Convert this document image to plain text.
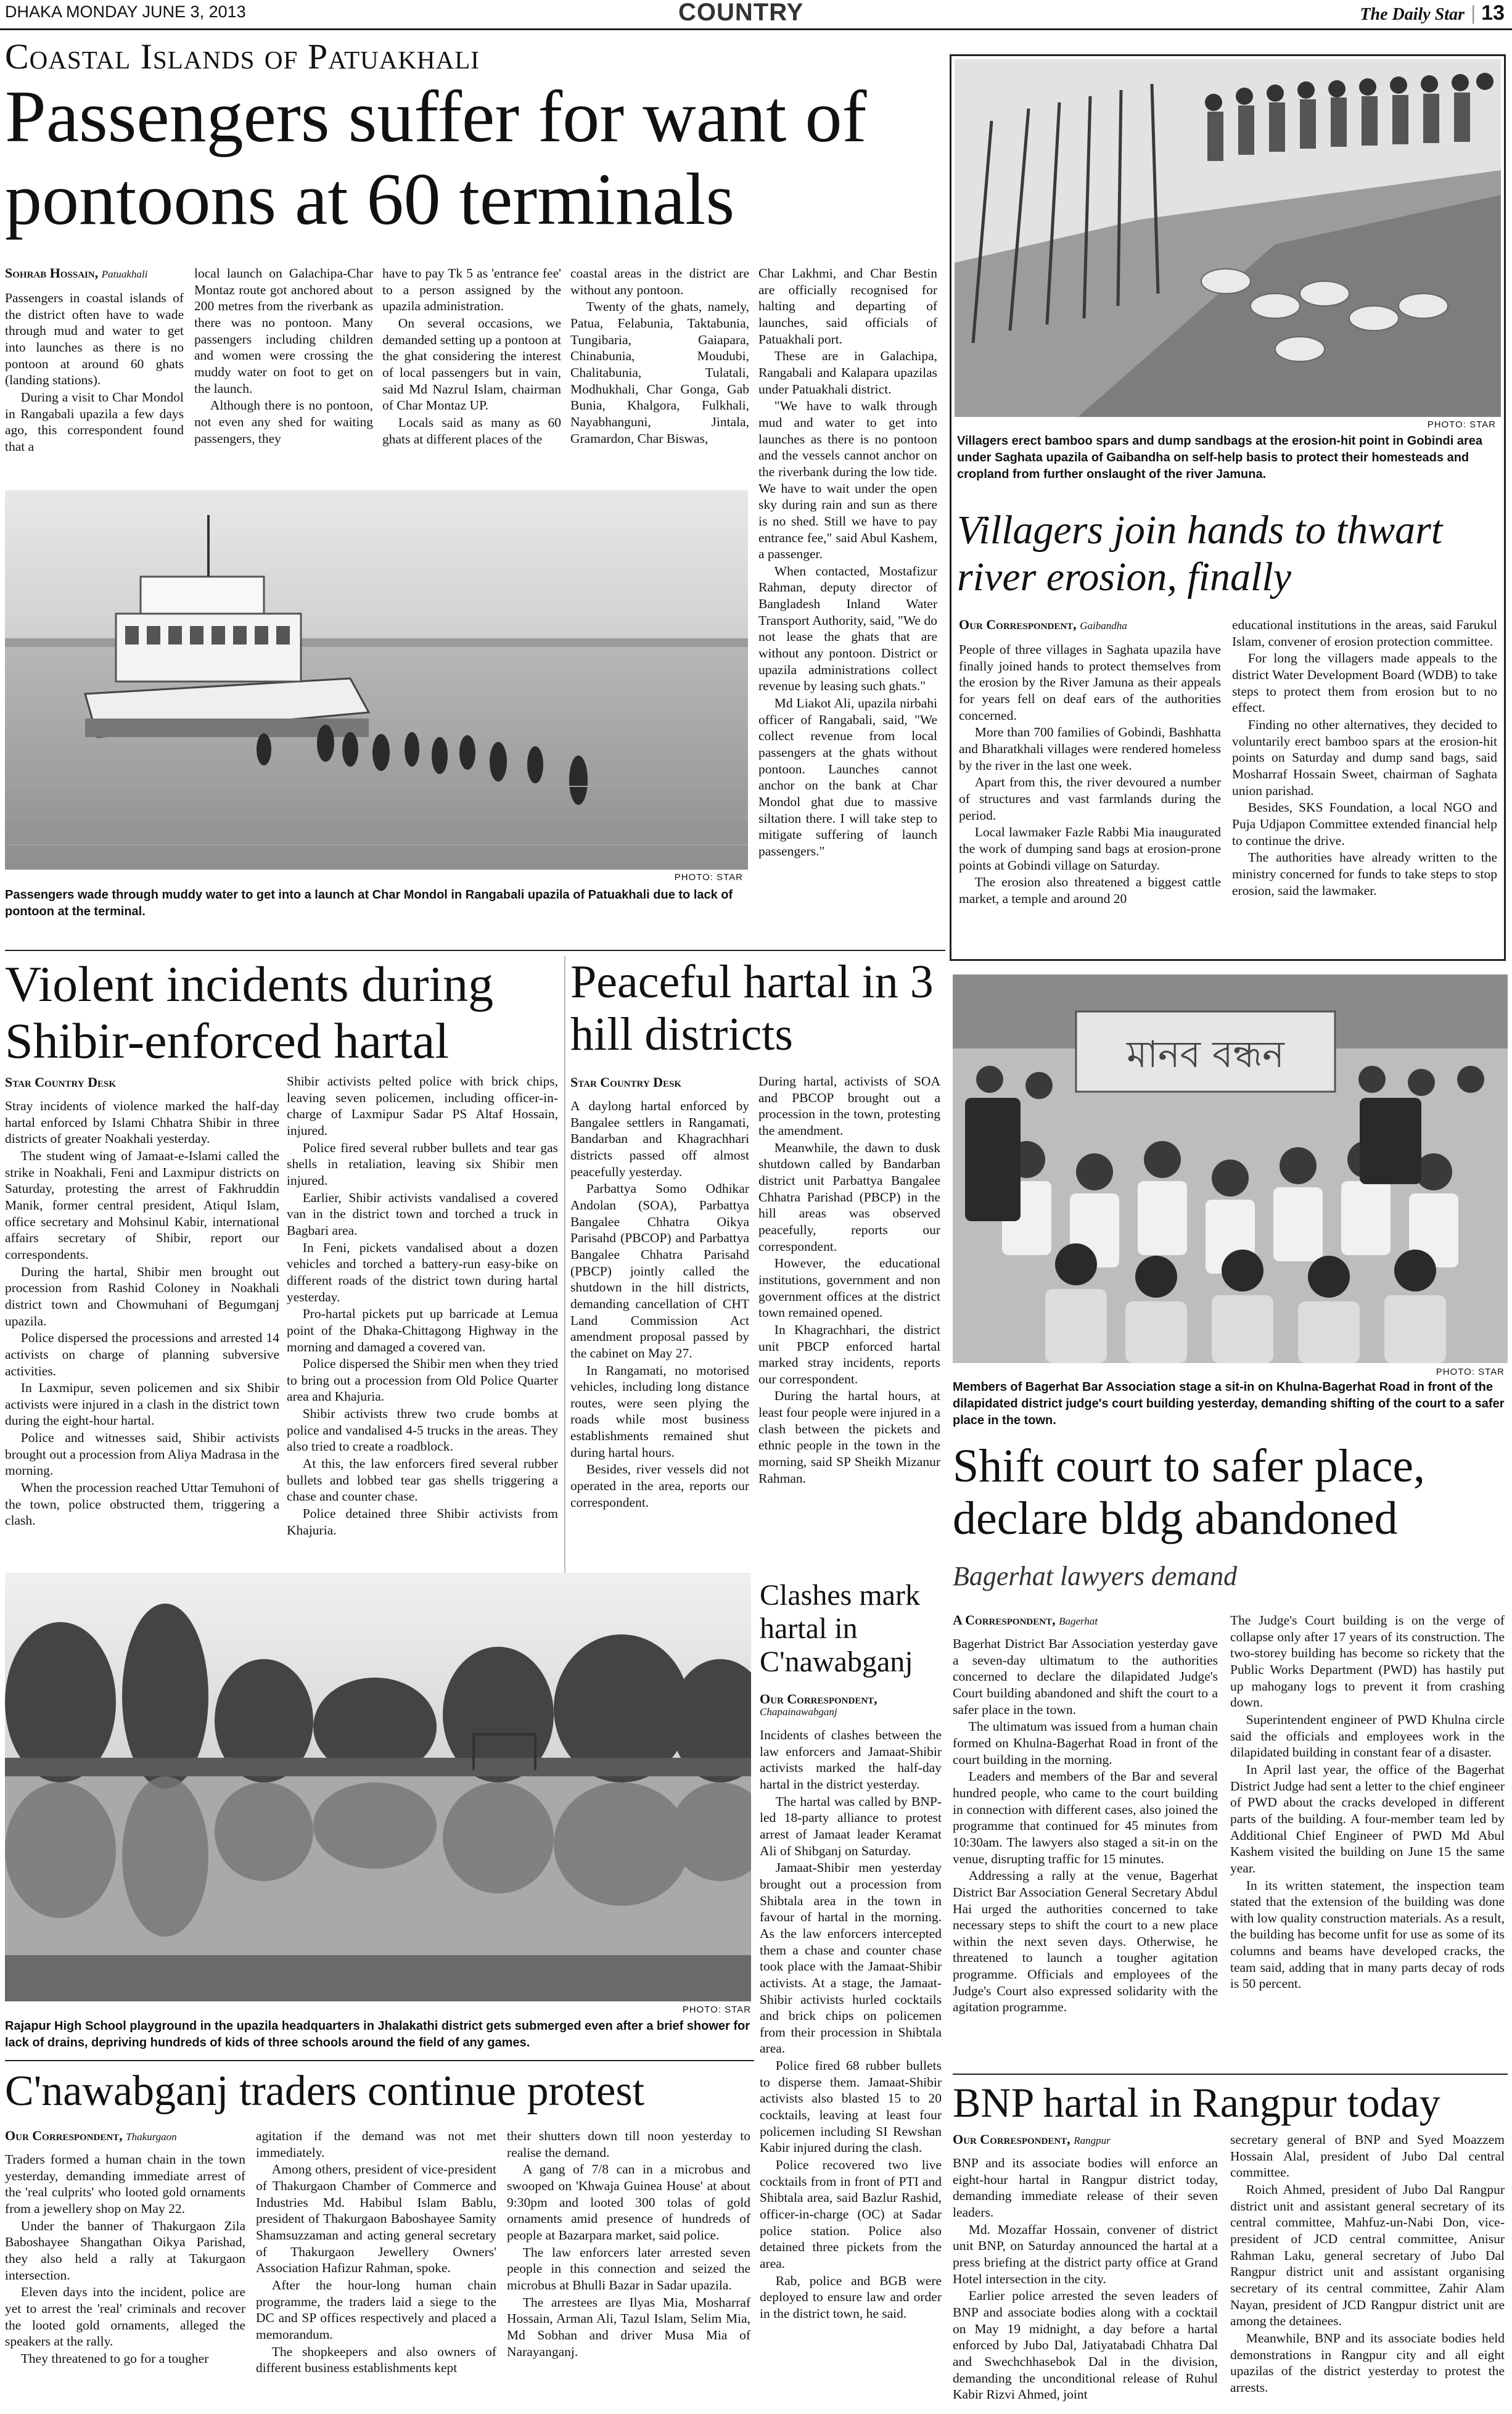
DHAKA MONDAY JUNE 3, 2013	COUNTRY	The Daily Star | 13
Coastal Islands of Patuakhali
Passengers suffer for want of pontoons at 60 terminals
Sohrab Hossain, Patuakhali

Passengers in coastal islands of the district often have to wade through mud and water to get into launches as there is no pontoon at around 60 ghats (landing stations).

During a visit to Char Mondol in Rangabali upazila a few days ago, this correspondent found that a

local launch on Galachipa-Char Montaz route got anchored about 200 metres from the riverbank as there was no pontoon. Many passengers including children and women were crossing the muddy water on foot to get on the launch.

Although there is no pontoon, not even any shed for waiting passengers, they

have to pay Tk 5 as 'entrance fee' to a person assigned by the upazila administration.

On several occasions, we demanded setting up a pontoon at the ghat considering the interest of local passengers but in vain, said Md Nazrul Islam, chairman of Char Montaz UP.

Locals said as many as 60 ghats at different places of the

coastal areas in the district are without any pontoon.

Twenty of the ghats, namely, Patua, Felabunia, Taktabunia, Tungibaria, Gaiapara, Chinabunia, Moudubi, Chalitabunia, Tulatali, Modhukhali, Char Gonga, Gab Bunia, Khalgora, Fulkhali, Nayabhanguni, Jintala, Gramardon, Char Biswas,

Char Lakhmi, and Char Bestin are officially recognised for halting and departing of launches, said officials of Patuakhali port.

These are in Galachipa, Rangabali and Kalapara upazilas under Patuakhali district.

"We have to walk through mud and water to get into launches as there is no pontoon and the vessels cannot anchor on the riverbank during the low tide. We have to wait under the open sky during rain and sun as there is no shed. Still we have to pay entrance fee," said Abul Kashem, a passenger.

When contacted, Mostafizur Rahman, deputy director of Bangladesh Inland Water Transport Authority, said, "We do not lease the ghats that are without any pontoon. District or upazila administrations collect revenue by leasing such ghats."

Md Liakot Ali, upazila nirbahi officer of Rangabali, said, "We collect revenue from local passengers at the ghats without pontoon. Launches cannot anchor on the bank at Char Mondol ghat due to massive siltation there. I will take step to mitigate suffering of launch passengers."

PHOTO: STAR
Passengers wade through muddy water to get into a launch at Char Mondol in Rangabali upazila of Patuakhali due to lack of pontoon at the terminal.
PHOTO: STAR
Villagers erect bamboo spars and dump sandbags at the erosion-hit point in Gobindi area under Saghata upazila of Gaibandha on self-help basis to protect their homesteads and cropland from further onslaught of the river Jamuna.
Villagers join hands to thwart river erosion, finally
Our Correspondent, Gaibandha

People of three villages in Saghata upazila have finally joined hands to protect themselves from the erosion by the River Jamuna as their appeals for years fell on deaf ears of the authorities concerned.

More than 700 families of Gobindi, Bashhatta and Bharatkhali villages were rendered homeless by the river in the last one week.

Apart from this, the river devoured a number of structures and vast farmlands during the period.

Local lawmaker Fazle Rabbi Mia inaugurated the work of dumping sand bags at erosion-prone points at Gobindi village on Saturday.

The erosion also threatened a biggest cattle market, a temple and around 20

educational institutions in the areas, said Farukul Islam, convener of erosion protection committee.

For long the villagers made appeals to the district Water Development Board (WDB) to take steps to protect them from erosion but to no effect.

Finding no other alternatives, they decided to voluntarily erect bamboo spars at the erosion-hit points on Saturday and dump sand bags, said Mosharraf Hossain Sweet, chairman of Saghata union parishad.

Besides, SKS Foundation, a local NGO and Puja Udjapon Committee extended financial help to continue the drive.

The authorities have already written to the ministry concerned for funds to take steps to stop erosion, said the lawmaker.

Violent incidents during Shibir-enforced hartal
Star Country Desk

Stray incidents of violence marked the half-day hartal enforced by Islami Chhatra Shibir in three districts of greater Noakhali yesterday.

The student wing of Jamaat-e-Islami called the strike in Noakhali, Feni and Laxmipur districts on Saturday, protesting the arrest of Fakhruddin Manik, former central president, Atiqul Islam, office secretary and Mohsinul Kabir, international affairs secretary of Shibir, report our correspondents.

During the hartal, Shibir men brought out procession from Rashid Coloney in Noakhali district town and Chowmuhani of Begumganj upazila.

Police dispersed the processions and arrested 14 activists on charge of planning subversive activities.

In Laxmipur, seven policemen and six Shibir activists were injured in a clash in the district town during the eight-hour hartal.

Police and witnesses said, Shibir activists brought out a procession from Aliya Madrasa in the morning.

When the procession reached Uttar Temuhoni of the town, police obstructed them, triggering a clash.

Shibir activists pelted police with brick chips, leaving seven policemen, including officer-in-charge of Laxmipur Sadar PS Altaf Hossain, injured.

Police fired several rubber bullets and tear gas shells in retaliation, leaving six Shibir men injured.

Earlier, Shibir activists vandalised a covered van in the district town and torched a truck in Bagbari area.

In Feni, pickets vandalised about a dozen vehicles and torched a battery-run easy-bike on different roads of the district town during hartal yesterday.

Pro-hartal pickets put up barricade at Lemua point of the Dhaka-Chittagong Highway in the morning and damaged a covered van.

Police dispersed the Shibir men when they tried to bring out a procession from Old Police Quarter area and Khajuria.

Shibir activists threw two crude bombs at police and vandalised 4-5 trucks in the areas. They also tried to create a roadblock.

At this, the law enforcers fired several rubber bullets and lobbed tear gas shells triggering a chase and counter chase.

Police detained three Shibir activists from Khajuria.

Peaceful hartal in 3 hill districts
Star Country Desk

A daylong hartal enforced by Bangalee settlers in Rangamati, Bandarban and Khagrachhari districts passed off almost peacefully yesterday.

Parbattya Somo Odhikar Andolan (SOA), Parbattya Bangalee Chhatra Oikya Parisahd (PBCOP) and Parbattya Bangalee Chhatra Parisahd (PBCP) jointly called the shutdown in the hill districts, demanding cancellation of CHT Land Commission Act amendment proposal passed by the cabinet on May 27.

In Rangamati, no motorised vehicles, including long distance routes, were seen plying the roads while most business establishments remained shut during hartal hours.

Besides, river vessels did not operated in the area, reports our correspondent.

During hartal, activists of SOA and PBCOP brought out a procession in the town, protesting the amendment.

Meanwhile, the dawn to dusk shutdown called by Bandarban district unit Parbattya Bangalee Chhatra Parishad (PBCP) in the hill areas was observed peacefully, reports our correspondent.

However, the educational institutions, government and non government offices at the district town remained opened.

In Khagrachhari, the district unit PBCP enforced hartal marked stray incidents, reports our correspondent.

During the hartal hours, at least four people were injured in a clash between the pickets and ethnic people in the town in the morning, said SP Sheikh Mizanur Rahman.

মানব বন্ধন
PHOTO: STAR
Members of Bagerhat Bar Association stage a sit-in on Khulna-Bagerhat Road in front of the dilapidated district judge's court building yesterday, demanding shifting of the court to a safer place in the town.
Shift court to safer place, declare bldg abandoned
Bagerhat lawyers demand
A Correspondent, Bagerhat

Bagerhat District Bar Association yesterday gave a seven-day ultimatum to the authorities concerned to declare the dilapidated Judge's Court building abandoned and shift the court to a safer place in the town.

The ultimatum was issued from a human chain formed on Khulna-Bagerhat Road in front of the court building in the morning.

Leaders and members of the Bar and several hundred people, who came to the court building in connection with different cases, also joined the programme that continued for 45 minutes from 10:30am. The lawyers also staged a sit-in on the venue, disrupting traffic for 15 minutes.

Addressing a rally at the venue, Bagerhat District Bar Association General Secretary Abdul Hai urged the authorities concerned to take necessary steps to shift the court to a new place within the next seven days. Otherwise, he threatened to launch a tougher agitation programme. Officials and employees of the Judge's Court also expressed solidarity with the agitation programme.

The Judge's Court building is on the verge of collapse only after 17 years of its construction. The two-storey building has become so rickety that the Public Works Department (PWD) has hastily put up mahogany logs to prevent it from crashing down.

Superintendent engineer of PWD Khulna circle said the officials and employees work in the dilapidated building in constant fear of a disaster.

In April last year, the office of the Bagerhat District Judge had sent a letter to the chief engineer of PWD about the cracks developed in different parts of the building. A four-member team led by Additional Chief Engineer of PWD Md Abul Kashem visited the building on June 15 the same year.

In its written statement, the inspection team stated that the extension of the building was done with low quality construction materials. As a result, the building has become unfit for use as some of its columns and beams have developed cracks, the team said, adding that in many parts decay of rods is 50 percent.

PHOTO: STAR
Rajapur High School playground in the upazila headquarters in Jhalakathi district gets submerged even after a brief shower for lack of drains, depriving hundreds of kids of three schools around the field of any games.
Clashes mark hartal in C'nawabganj
Our Correspondent,
Chapainawabganj

Incidents of clashes between the law enforcers and Jamaat-Shibir activists marked the half-day hartal in the district yesterday.

The hartal was called by BNP-led 18-party alliance to protest arrest of Jamaat leader Keramat Ali of Shibganj on Saturday.

Jamaat-Shibir men yesterday brought out a procession from Shibtala area in the town in favour of hartal in the morning. As the law enforcers intercepted them a chase and counter chase took place with the Jamaat-Shibir activists. At a stage, the Jamaat-Shibir activists hurled cocktails and brick chips on policemen from their procession in Shibtala area.

Police fired 68 rubber bullets to disperse them. Jamaat-Shibir activists also blasted 15 to 20 cocktails, leaving at least four policemen including SI Rewshan Kabir injured during the clash.

Police recovered two live cocktails from in front of PTI and Shibtala area, said Bazlur Rashid, officer-in-charge (OC) at Sadar police station. Police also detained three pickets from the area.

Rab, police and BGB were deployed to ensure law and order in the district town, he said.

C'nawabganj traders continue protest
Our Correspondent, Thakurgaon

Traders formed a human chain in the town yesterday, demanding immediate arrest of the 'real culprits' who looted gold ornaments from a jewellery shop on May 22.

Under the banner of Thakurgaon Zila Baboshayee Shangathan Oikya Parishad, they also held a rally at Takurgaon intersection.

Eleven days into the incident, police are yet to arrest the 'real' criminals and recover the looted gold ornaments, alleged the speakers at the rally.

They threatened to go for a tougher

agitation if the demand was not met immediately.

Among others, president of vice-president of Thakurgaon Chamber of Commerce and Industries Md. Habibul Islam Bablu, president of Thakurgaon Baboshayee Samity Shamsuzzaman and acting general secretary of Thakurgaon Jewellery Owners' Association Hafizur Rahman, spoke.

After the hour-long human chain programme, the traders laid a siege to the DC and SP offices respectively and placed a memorandum.

The shopkeepers and also owners of different business establishments kept

their shutters down till noon yesterday to realise the demand.

A gang of 7/8 can in a microbus and swooped on 'Khwaja Guinea House' at about 9:30pm and looted 300 tolas of gold ornaments amid presence of hundreds of people at Bazarpara market, said police.

The law enforcers later arrested seven people in this connection and seized the microbus at Bhulli Bazar in Sadar upazila.

The arrestees are Ilyas Mia, Mosharraf Hossain, Arman Ali, Tazul Islam, Selim Mia, Md Sobhan and driver Musa Mia of Narayanganj.

BNP hartal in Rangpur today
Our Correspondent, Rangpur

BNP and its associate bodies will enforce an eight-hour hartal in Rangpur district today, demanding immediate release of their seven leaders.

Md. Mozaffar Hossain, convener of district unit BNP, on Saturday announced the hartal at a press briefing at the district party office at Grand Hotel intersection in the city.

Earlier police arrested the seven leaders of BNP and associate bodies along with a cocktail on May 19 midnight, a day before a hartal enforced by Jubo Dal, Jatiyatabadi Chhatra Dal and Swechchhasebok Dal in the division, demanding the unconditional release of Ruhul Kabir Rizvi Ahmed, joint

secretary general of BNP and Syed Moazzem Hossain Alal, president of Jubo Dal central committee.

Roich Ahmed, president of Jubo Dal Rangpur district unit and assistant general secretary of its central committee, Mahfuz-un-Nabi Don, vice-president of JCD central committee, Anisur Rahman Laku, general secretary of Jubo Dal Rangpur district unit and assistant organising secretary of its central committee, Zahir Alam Nayan, president of JCD Rangpur district unit are among the detainees.

Meanwhile, BNP and its associate bodies held demonstrations in Rangpur city and all eight upazilas of the district yesterday to protest the arrests.
